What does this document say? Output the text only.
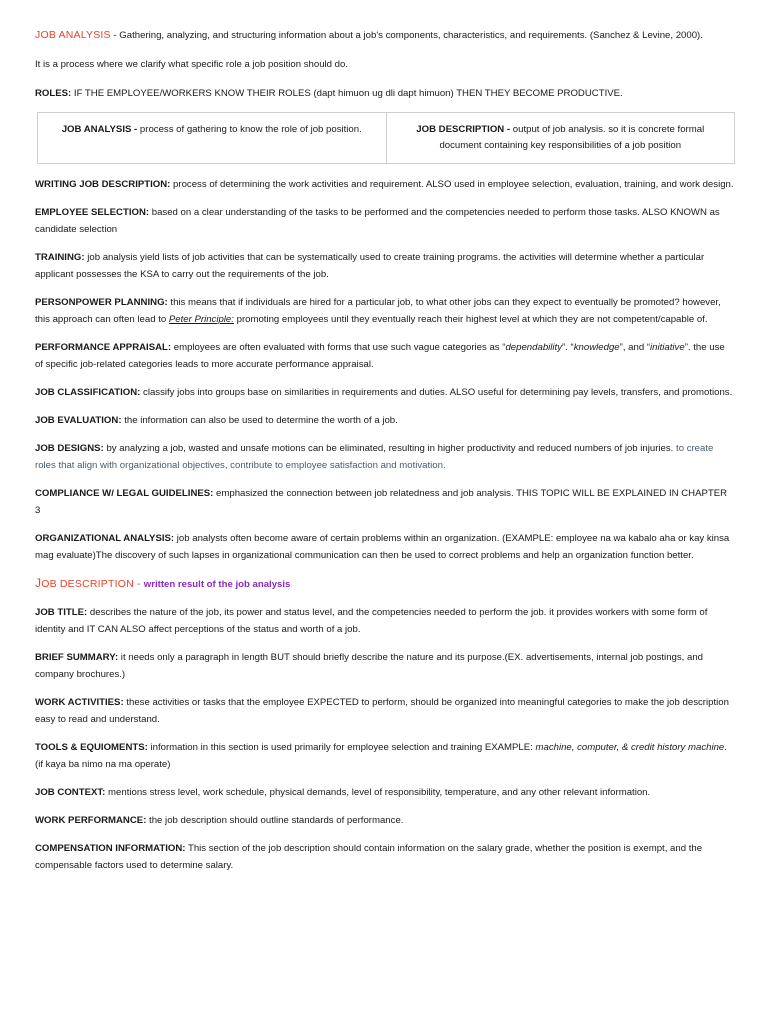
JOB ANALYSIS - Gathering, analyzing, and structuring information about a job's components, characteristics, and requirements. (Sanchez & Levine, 2000).

It is a process where we clarify what specific role a job position should do.

ROLES: IF THE EMPLOYEE/WORKERS KNOW THEIR ROLES (dapt himuon ug dli dapt himuon) THEN THEY BECOME PRODUCTIVE.

JOB ANALYSIS - process of gathering to know the role of job position.	JOB DESCRIPTION - output of job analysis. so it is concrete formal document containing key responsibilities of a job position

WRITING JOB DESCRIPTION: process of determining the work activities and requirement. ALSO used in employee selection, evaluation, training, and work design.

EMPLOYEE SELECTION: based on a clear understanding of the tasks to be performed and the competencies needed to perform those tasks. ALSO KNOWN as candidate selection

TRAINING: job analysis yield lists of job activities that can be systematically used to create training programs. the activities will determine whether a particular applicant possesses the KSA to carry out the requirements of the job.

PERSONPOWER PLANNING: this means that if individuals are hired for a particular job, to what other jobs can they expect to eventually be promoted? however, this approach can often lead to Peter Principle: promoting employees until they eventually reach their highest level at which they are not competent/capable of.

PERFORMANCE APPRAISAL: employees are often evaluated with forms that use such vague categories as “dependability”. “knowledge”, and “initiative”. the use of specific job-related categories leads to more accurate performance appraisal.

JOB CLASSIFICATION: classify jobs into groups base on similarities in requirements and duties. ALSO useful for determining pay levels, transfers, and promotions.

JOB EVALUATION: the information can also be used to determine the worth of a job.

JOB DESIGNS: by analyzing a job, wasted and unsafe motions can be eliminated, resulting in higher productivity and reduced numbers of job injuries. to create roles that align with organizational objectives, contribute to employee satisfaction and motivation.

COMPLIANCE W/ LEGAL GUIDELINES: emphasized the connection between job relatedness and job analysis. THIS TOPIC WILL BE EXPLAINED IN CHAPTER 3

ORGANIZATIONAL ANALYSIS: job analysts often become aware of certain problems within an organization. (EXAMPLE: employee na wa kabalo aha or kay kinsa mag evaluate)The discovery of such lapses in organizational communication can then be used to correct problems and help an organization function better.

JOB DESCRIPTION - written result of the job analysis

JOB TITLE: describes the nature of the job, its power and status level, and the competencies needed to perform the job. it provides workers with some form of identity and IT CAN ALSO affect perceptions of the status and worth of a job.

BRIEF SUMMARY: it needs only a paragraph in length BUT should briefly describe the nature and its purpose.(EX. advertisements, internal job postings, and company brochures.)

WORK ACTIVITIES: these activities or tasks that the employee EXPECTED to perform, should be organized into meaningful categories to make the job description easy to read and understand.

TOOLS & EQUIOMENTS: information in this section is used primarily for employee selection and training EXAMPLE: machine, computer, & credit history machine. (if kaya ba nimo na ma operate)

JOB CONTEXT: mentions stress level, work schedule, physical demands, level of responsibility, temperature, and any other relevant information.

WORK PERFORMANCE: the job description should outline standards of performance.

COMPENSATION INFORMATION: This section of the job description should contain information on the salary grade, whether the position is exempt, and the compensable factors used to determine salary.
